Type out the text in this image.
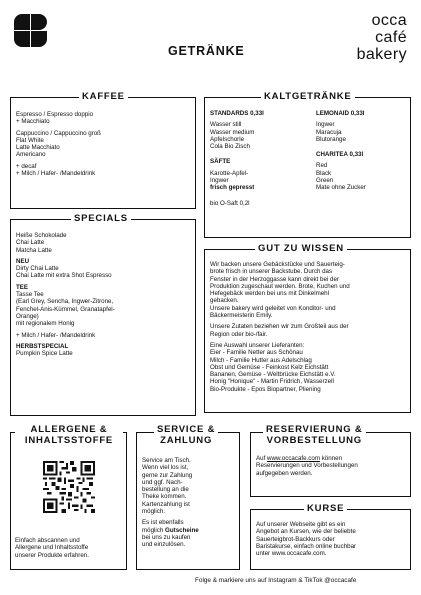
GETRÄNKE
occa
café
bakery
KAFFEE
Espresso / Espresso doppio
+ Macchiato
Cappuccino / Cappuccino groß
Flat White
Latte Macchiato
Americano
+ decaf
+ Milch / Hafer- /Mandeldrink
SPECIALS
Heiße Schokolade
Chai Latte
Matcha Latte
NEU
Dirty Chai Latte
Chai Latte mit extra Shot Espresso
TEE
Tasse Tee
(Earl Grey, Sencha, Ingwer-Zitrone,
Fenchel-Anis-Kümmel, Granatapfel-
Orange)
mit regionalem Honig
+ Milch / Hafer- /Mandeldrink
HERBSTSPECIAL
Pumpkin Spice Latte
KALTGETRÄNKE
STANDARDS 0,33l
Wasser still
Wasser medium
Apfelschorle
Cola Bio Zisch
SÄFTE
Karotte-Apfel-
Ingwer
frisch gepresst
bio O-Saft 0,2l
LEMONAID 0,33l
Ingwer
Maracuja
Blutorange
CHARITEA 0,33l
Red
Black
Green
Mate ohne Zucker
GUT ZU WISSEN
Wir backen unsere Gebäckstücke und Sauerteig-
brote frisch in unserer Backstube. Durch das
Fenster in der Herzoggasse kann direkt bei der
Produktion zugeschaut werden. Brote, Kuchen und
Hefegebäck werden bei uns mit Dinkelmehl
gebacken.
Unsere bakery wird geleitet von Konditor- und
Bäckermeisterin Emily.
Unsere Zutaten beziehen wir zum Großteil aus der
Region oder bio-/fair.
Eine Auswahl unserer Lieferanten:
Eier - Familie Netter aus Schönau
Milch - Familie Hutter aus Adelschlag
Obst und Gemüse - Feinkost Kelz Eichstätt
Bananen, Gemüse - Weltbrücke Eichstätt e.V.
Honig "Honique" - Martin Fridrich, Wasserzell
Bio-Produkte - Epos Biopartner, Pliening
ALLERGENE &
INHALTSSTOFFE
Einfach abscannen und
Allergene und Inhaltsstoffe
unserer Produkte erfahren.
SERVICE &
ZAHLUNG
Service am Tisch.
Wenn viel los ist,
gerne zur Zahlung
und ggf. Nach-
bestellung an die
Theke kommen.
Kartenzahlung ist
möglich.
Es ist ebenfalls
möglich Gutscheine
bei uns zu kaufen
und einzulösen.
RESERVIERUNG &
VORBESTELLUNG
Auf www.occacafe.com können
Reservierungen und Vorbestellungen
aufgegeben werden.
KURSE
Auf unserer Webseite gibt es ein
Angebot an Kursen, wie der beliebte
Sauerteigbrot-Backkurs oder
Baristakurse, einfach online buchbar
unter www.occacafe.com.
Folge & markiere uns auf Instagram & TikTok @occacafe
